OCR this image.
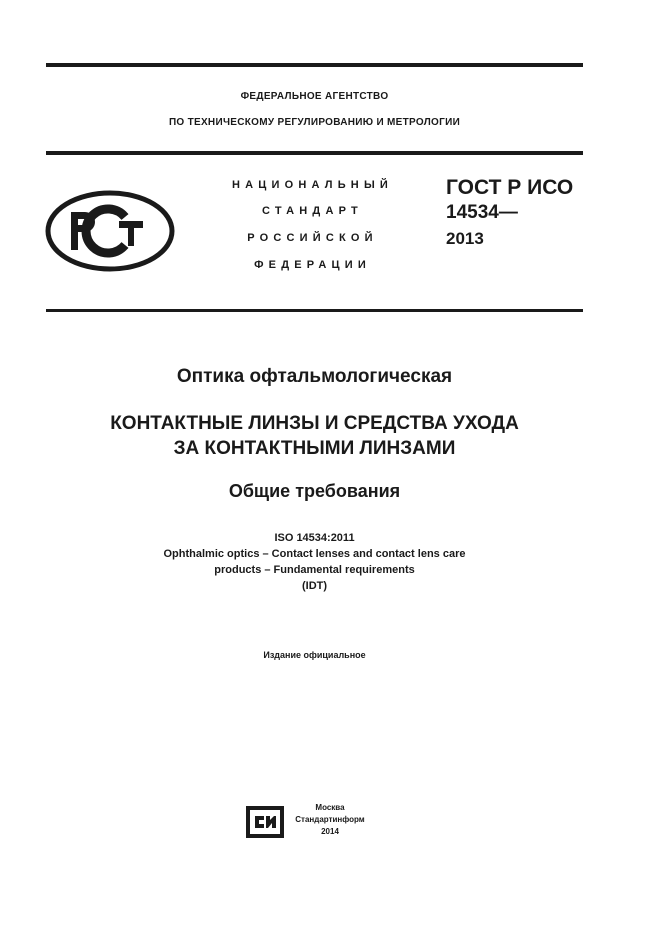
ФЕДЕРАЛЬНОЕ АГЕНТСТВО
ПО ТЕХНИЧЕСКОМУ РЕГУЛИРОВАНИЮ И МЕТРОЛОГИИ
НАЦИОНАЛЬНЫЙ
СТАНДАРТ
РОССИЙСКОЙ
ФЕДЕРАЦИИ
ГОСТ Р ИСО
14534—
2013
Оптика офтальмологическая
КОНТАКТНЫЕ ЛИНЗЫ И СРЕДСТВА УХОДА
ЗА КОНТАКТНЫМИ ЛИНЗАМИ
Общие требования
ISO 14534:2011
Ophthalmic optics – Contact lenses and contact lens care
products – Fundamental requirements
(IDT)
Издание официальное
Москва
Стандартинформ
2014
